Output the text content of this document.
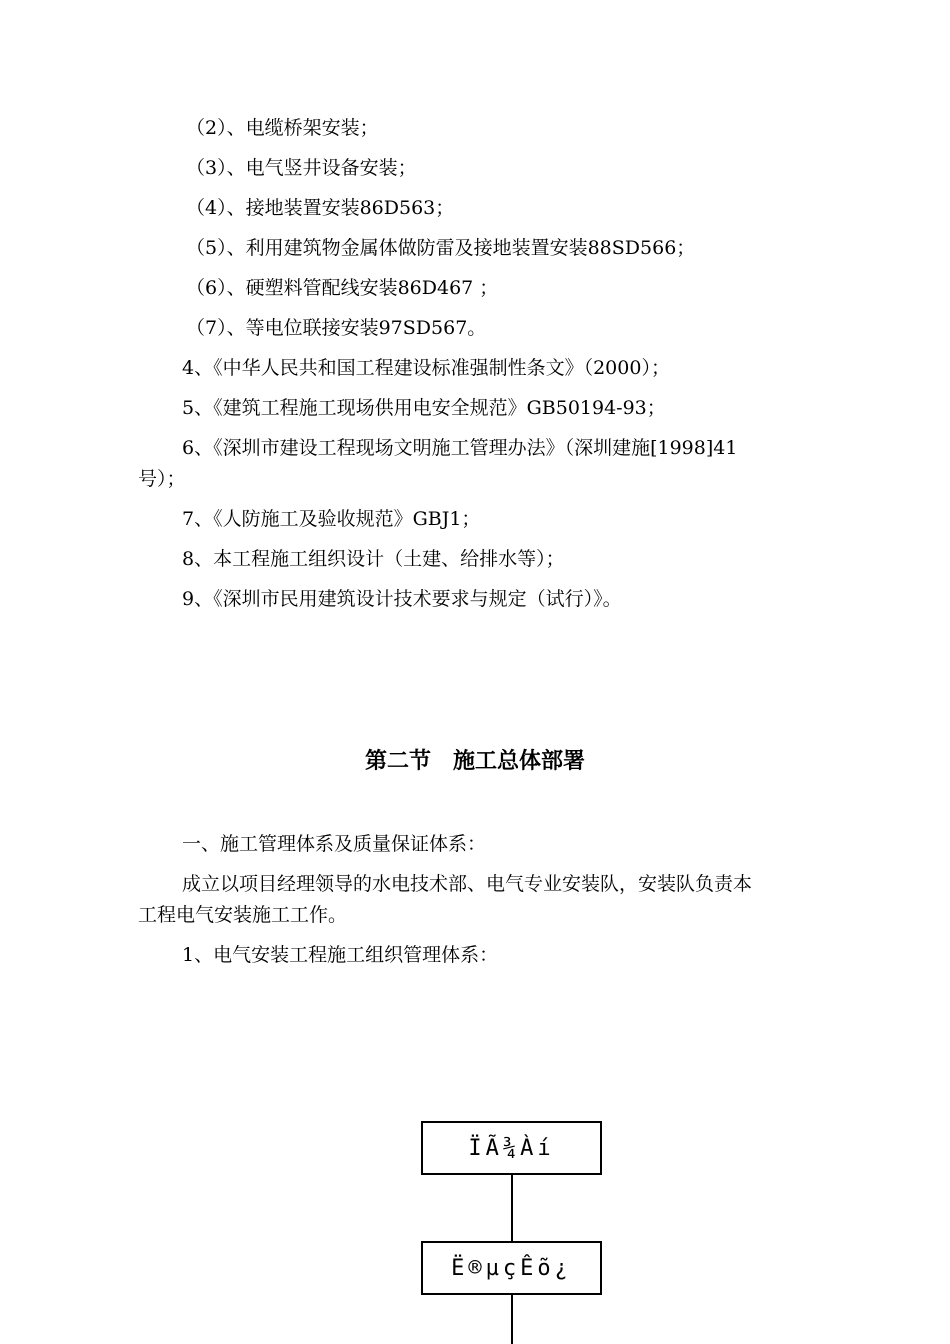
（2）、电缆桥架安装；
（3）、电气竖井设备安装；
（4）、接地装置安装86D563；
（5）、利用建筑物金属体做防雷及接地装置安装88SD566；
（6）、硬塑料管配线安装86D467 ；
（7）、等电位联接安装97SD567。
4、《中华人民共和国工程建设标准强制性条文》（2000）；
5、《建筑工程施工现场供用电安全规范》GB50194-93；
6、《深圳市建设工程现场文明施工管理办法》（深圳建施[1998]41
号）；
7、《人防施工及验收规范》GBJ1；
8、本工程施工组织设计（土建、给排水等）；
9、《深圳市民用建筑设计技术要求与规定（试行）》。
第二节　施工总体部署
一、施工管理体系及质量保证体系：
成立以项目经理领导的水电技术部、电气专业安装队，安装队负责本
工程电气安装施工工作。
1、电气安装工程施工组织管理体系：
ÏÃ¾Àí
Ë®µçÊõ¿
